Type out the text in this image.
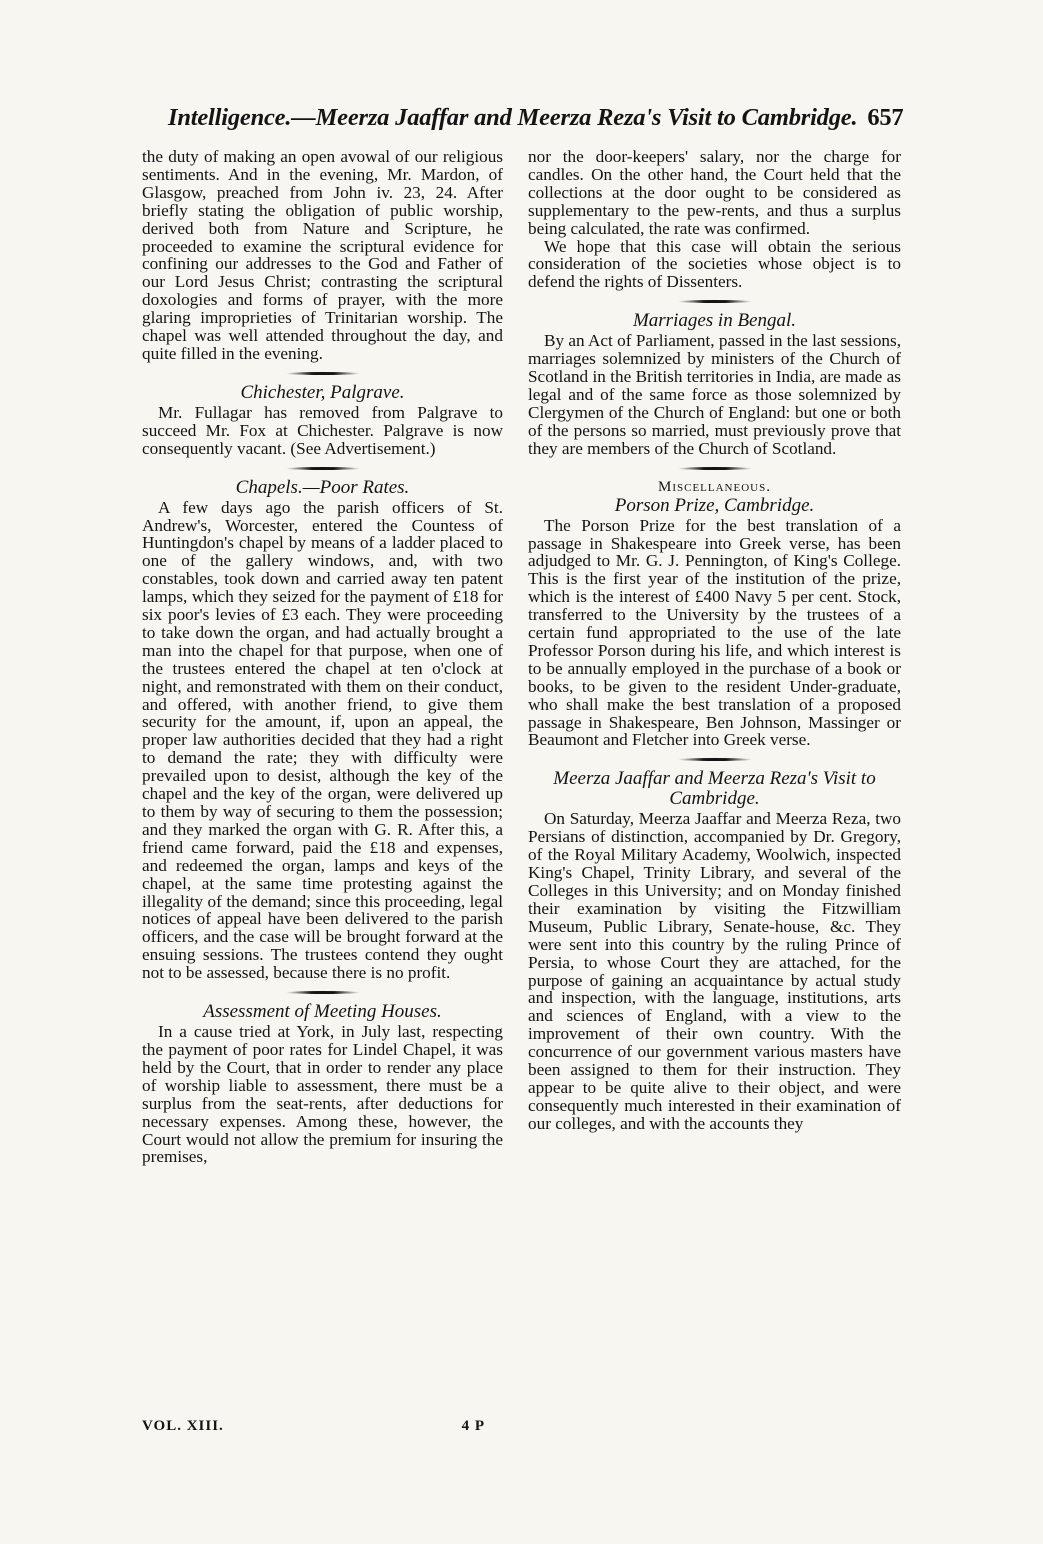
Intelligence.—Meerza Jaaffar and Meerza Reza's Visit to Cambridge. 657

the duty of making an open avowal of our religious sentiments. And in the evening, Mr. Mardon, of Glasgow, preached from John iv. 23, 24. After briefly stating the obligation of public worship, derived both from Nature and Scripture, he proceeded to examine the scriptural evidence for confining our addresses to the God and Father of our Lord Jesus Christ; contrasting the scriptural doxologies and forms of prayer, with the more glaring improprieties of Trinitarian worship. The chapel was well attended throughout the day, and quite filled in the evening.

Chichester, Palgrave.

Mr. Fullagar has removed from Palgrave to succeed Mr. Fox at Chichester. Palgrave is now consequently vacant. (See Advertisement.)

Chapels.—Poor Rates.

A few days ago the parish officers of St. Andrew's, Worcester, entered the Countess of Huntingdon's chapel by means of a ladder placed to one of the gallery windows, and, with two constables, took down and carried away ten patent lamps, which they seized for the payment of £18 for six poor's levies of £3 each. They were proceeding to take down the organ, and had actually brought a man into the chapel for that purpose, when one of the trustees entered the chapel at ten o'clock at night, and remonstrated with them on their conduct, and offered, with another friend, to give them security for the amount, if, upon an appeal, the proper law authorities decided that they had a right to demand the rate; they with difficulty were prevailed upon to desist, although the key of the chapel and the key of the organ, were delivered up to them by way of securing to them the possession; and they marked the organ with G. R. After this, a friend came forward, paid the £18 and expenses, and redeemed the organ, lamps and keys of the chapel, at the same time protesting against the illegality of the demand; since this proceeding, legal notices of appeal have been delivered to the parish officers, and the case will be brought forward at the ensuing sessions. The trustees contend they ought not to be assessed, because there is no profit.

Assessment of Meeting Houses.

In a cause tried at York, in July last, respecting the payment of poor rates for Lindel Chapel, it was held by the Court, that in order to render any place of worship liable to assessment, there must be a surplus from the seat-rents, after deductions for necessary expenses. Among these, however, the Court would not allow the premium for insuring the premises,

nor the door-keepers' salary, nor the charge for candles. On the other hand, the Court held that the collections at the door ought to be considered as supplementary to the pew-rents, and thus a surplus being calculated, the rate was confirmed.

We hope that this case will obtain the serious consideration of the societies whose object is to defend the rights of Dissenters.

Marriages in Bengal.

By an Act of Parliament, passed in the last sessions, marriages solemnized by ministers of the Church of Scotland in the British territories in India, are made as legal and of the same force as those solemnized by Clergymen of the Church of England: but one or both of the persons so married, must previously prove that they are members of the Church of Scotland.

Miscellaneous.
Porson Prize, Cambridge.

The Porson Prize for the best translation of a passage in Shakespeare into Greek verse, has been adjudged to Mr. G. J. Pennington, of King's College. This is the first year of the institution of the prize, which is the interest of £400 Navy 5 per cent. Stock, transferred to the University by the trustees of a certain fund appropriated to the use of the late Professor Porson during his life, and which interest is to be annually employed in the purchase of a book or books, to be given to the resident Under-graduate, who shall make the best translation of a proposed passage in Shakespeare, Ben Johnson, Massinger or Beaumont and Fletcher into Greek verse.

Meerza Jaaffar and Meerza Reza's Visit to Cambridge.

On Saturday, Meerza Jaaffar and Meerza Reza, two Persians of distinction, accompanied by Dr. Gregory, of the Royal Military Academy, Woolwich, inspected King's Chapel, Trinity Library, and several of the Colleges in this University; and on Monday finished their examination by visiting the Fitzwilliam Museum, Public Library, Senate-house, &c. They were sent into this country by the ruling Prince of Persia, to whose Court they are attached, for the purpose of gaining an acquaintance by actual study and inspection, with the language, institutions, arts and sciences of England, with a view to the improvement of their own country. With the concurrence of our government various masters have been assigned to them for their instruction. They appear to be quite alive to their object, and were consequently much interested in their examination of our colleges, and with the accounts they

VOL. XIII.	4 P
